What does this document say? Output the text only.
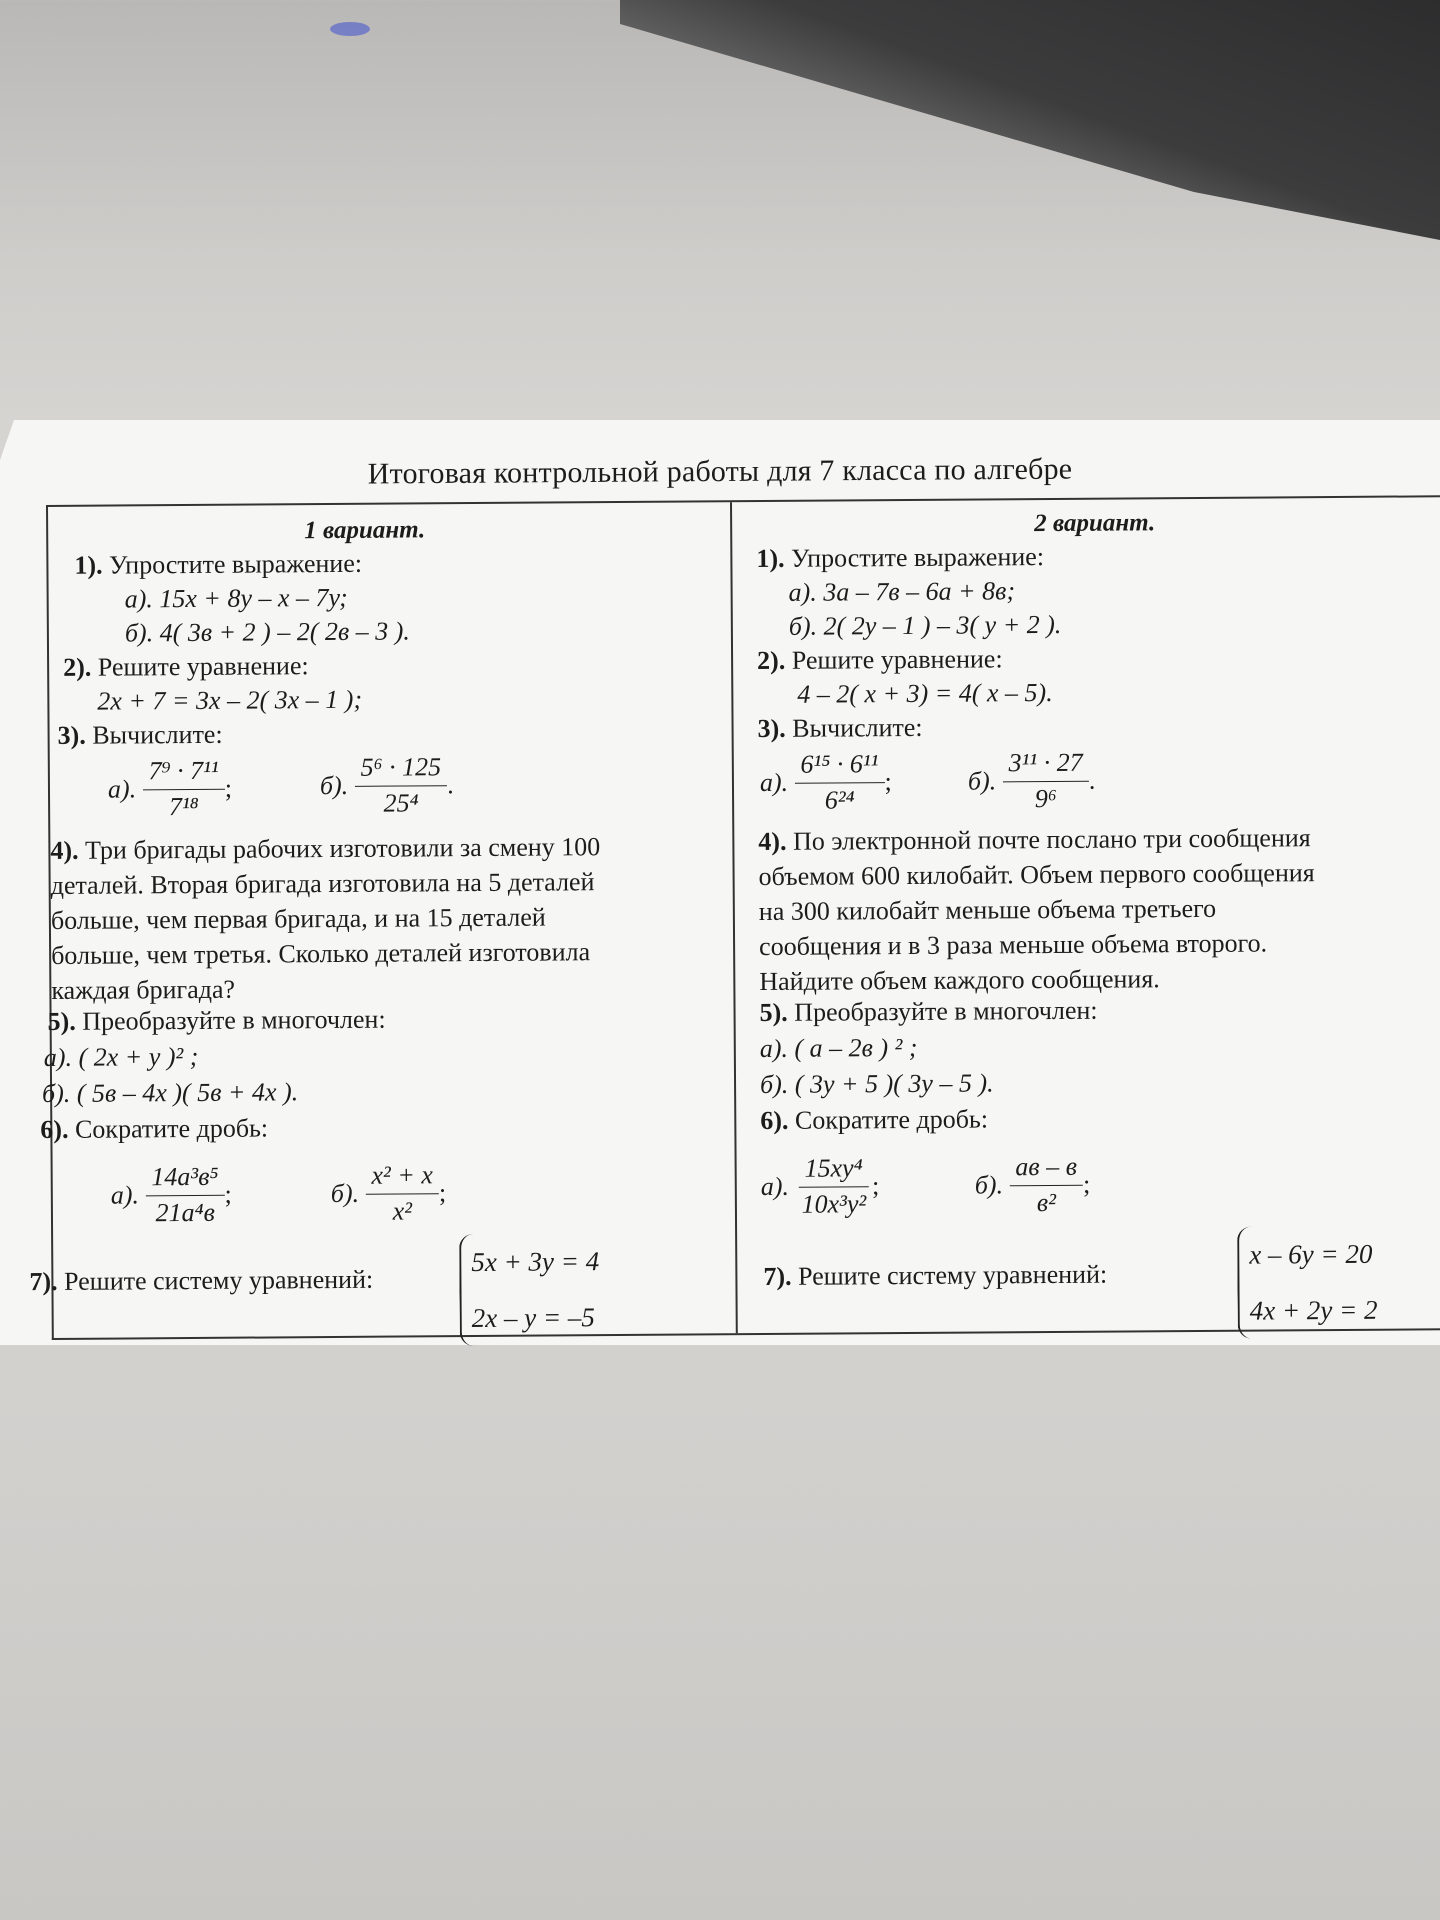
Итоговая контрольной работы для 7 класса по алгебре
1 вариант.
1). Упростите выражение:
а). 15х + 8у – х – 7у;
б). 4( 3в + 2 ) – 2( 2в – 3 ).
2). Решите уравнение:
2х + 7 = 3х – 2( 3х – 1 );
3). Вычислите:
а). $\frac{\text{7⁹ · 7¹¹}}{\text{7¹⁸}}$ ;	б). $\frac{\text{5⁶ · 125}}{\text{25⁴}}$ .
4). Три бригады рабочих изготовили за смену 100
деталей. Вторая бригада изготовила на 5 деталей
больше, чем первая бригада, и на 15 деталей
больше, чем третья. Сколько деталей изготовила
каждая бригада?
5). Преобразуйте в многочлен:
а). ( 2х + у )² ;
б). ( 5в – 4х )( 5в + 4х ).
6). Сократите дробь:
а). $\frac{\text{14а³в⁵}}{\text{21а⁴в}}$ ;	б). $\frac{\text{х² + х}}{\text{х²}}$ ;
7). Решите систему уравнений:
5х + 3у = 4
2х – у = –5
2 вариант.
1). Упростите выражение:
а). 3а – 7в – 6а + 8в;
б). 2( 2у – 1 ) – 3( у + 2 ).
2). Решите уравнение:
4 – 2( х + 3) = 4( х – 5).
3). Вычислите:
а). $\frac{\text{6¹⁵ · 6¹¹}}{\text{6²⁴}}$ ;	б). $\frac{\text{3¹¹ · 27}}{\text{9⁶}}$ .
4). По электронной почте послано три сообщения
объемом 600 килобайт. Объем первого сообщения
на 300 килобайт меньше объема третьего
сообщения и в 3 раза меньше объема второго.
Найдите объем каждого сообщения.
5). Преобразуйте в многочлен:
а). ( а – 2в ) ² ;
б). ( 3у + 5 )( 3у – 5 ).
6). Сократите дробь:
а). $\frac{\text{15ху⁴}}{\text{10х³у²}}$ ;	б). $\frac{ав - в}{\text{в²}}$ ;
7). Решите систему уравнений:
х – 6у = 20
4х + 2у = 2
